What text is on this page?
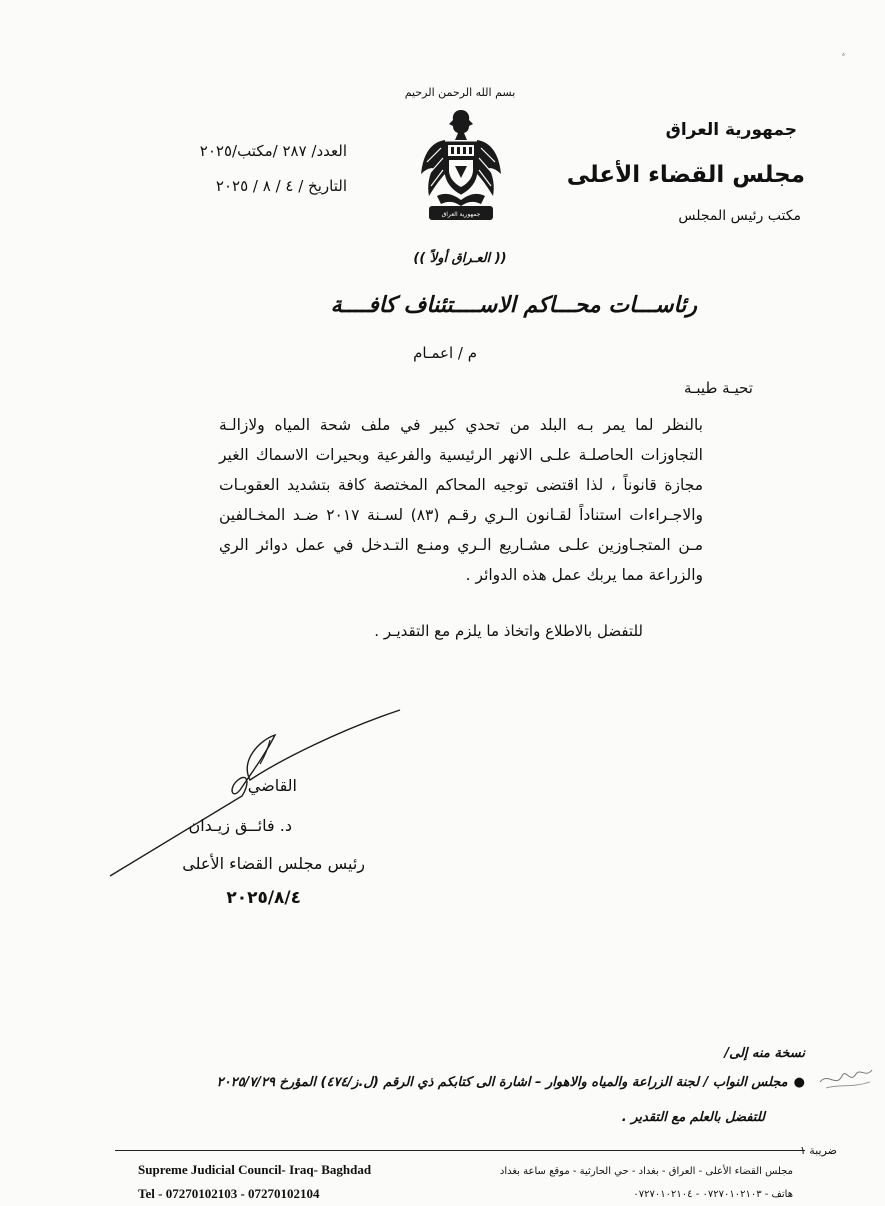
ﮦ
بسم الله الرحمن الرحيم
جمهورية العراق
جمهورية العراق
مجلس القضاء الأعلى
مكتب رئيس المجلس
العدد/ ٢٨٧ /مكتب/٢٠٢٥
التاريخ / ٤ / ٨ / ٢٠٢٥
(( العـراق أولاً ))
رئاســـات محـــاكم الاســــتئناف كافــــة
م / اعمـام
تحيـة طيبـة
بالنظر لما يمر بـه البلد من تحدي كبير في ملف شحة المياه ولازالـة التجاوزات الحاصلـة علـى الانهر الرئيسية والفرعية وبحيرات الاسماك الغير مجازة قانوناً ، لذا اقتضى توجيه المحاكم المختصة كافة بتشديد العقوبـات والاجـراءات استناداً لقـانون الـري رقـم (٨٣) لسـنة ٢٠١٧ ضـد المخـالفين مـن المتجـاوزين علـى مشـاريع الـري ومنـع التـدخل في عمل دوائر الري والزراعة مما يربك عمل هذه الدوائر .
للتفضل بالاطلاع واتخاذ ما يلزم مع التقديـر .
القاضي
د. فائــق زيـدان
رئيس مجلس القضاء الأعلى
٢٠٢٥/٨/٤
نسخة منه إلى/
●مجلس النواب / لجنة الزراعة والمياه والاهوار – اشارة الى كتابكم ذي الرقم (ل.ز/٤٧٤) المؤرخ ٢٠٢٥/٧/٢٩
للتفضل بالعلم مع التقدير .
ضريبة ١
Supreme Judicial Council- Iraq- Baghdad
Tel - 07270102103 - 07270102104
مجلس القضاء الأعلى - العراق - بغداد - حي الحارثية - موقع ساعة بغداد
هاتف - ٠٧٢٧٠١٠٢١٠٣ - ٠٧٢٧٠١٠٢١٠٤
